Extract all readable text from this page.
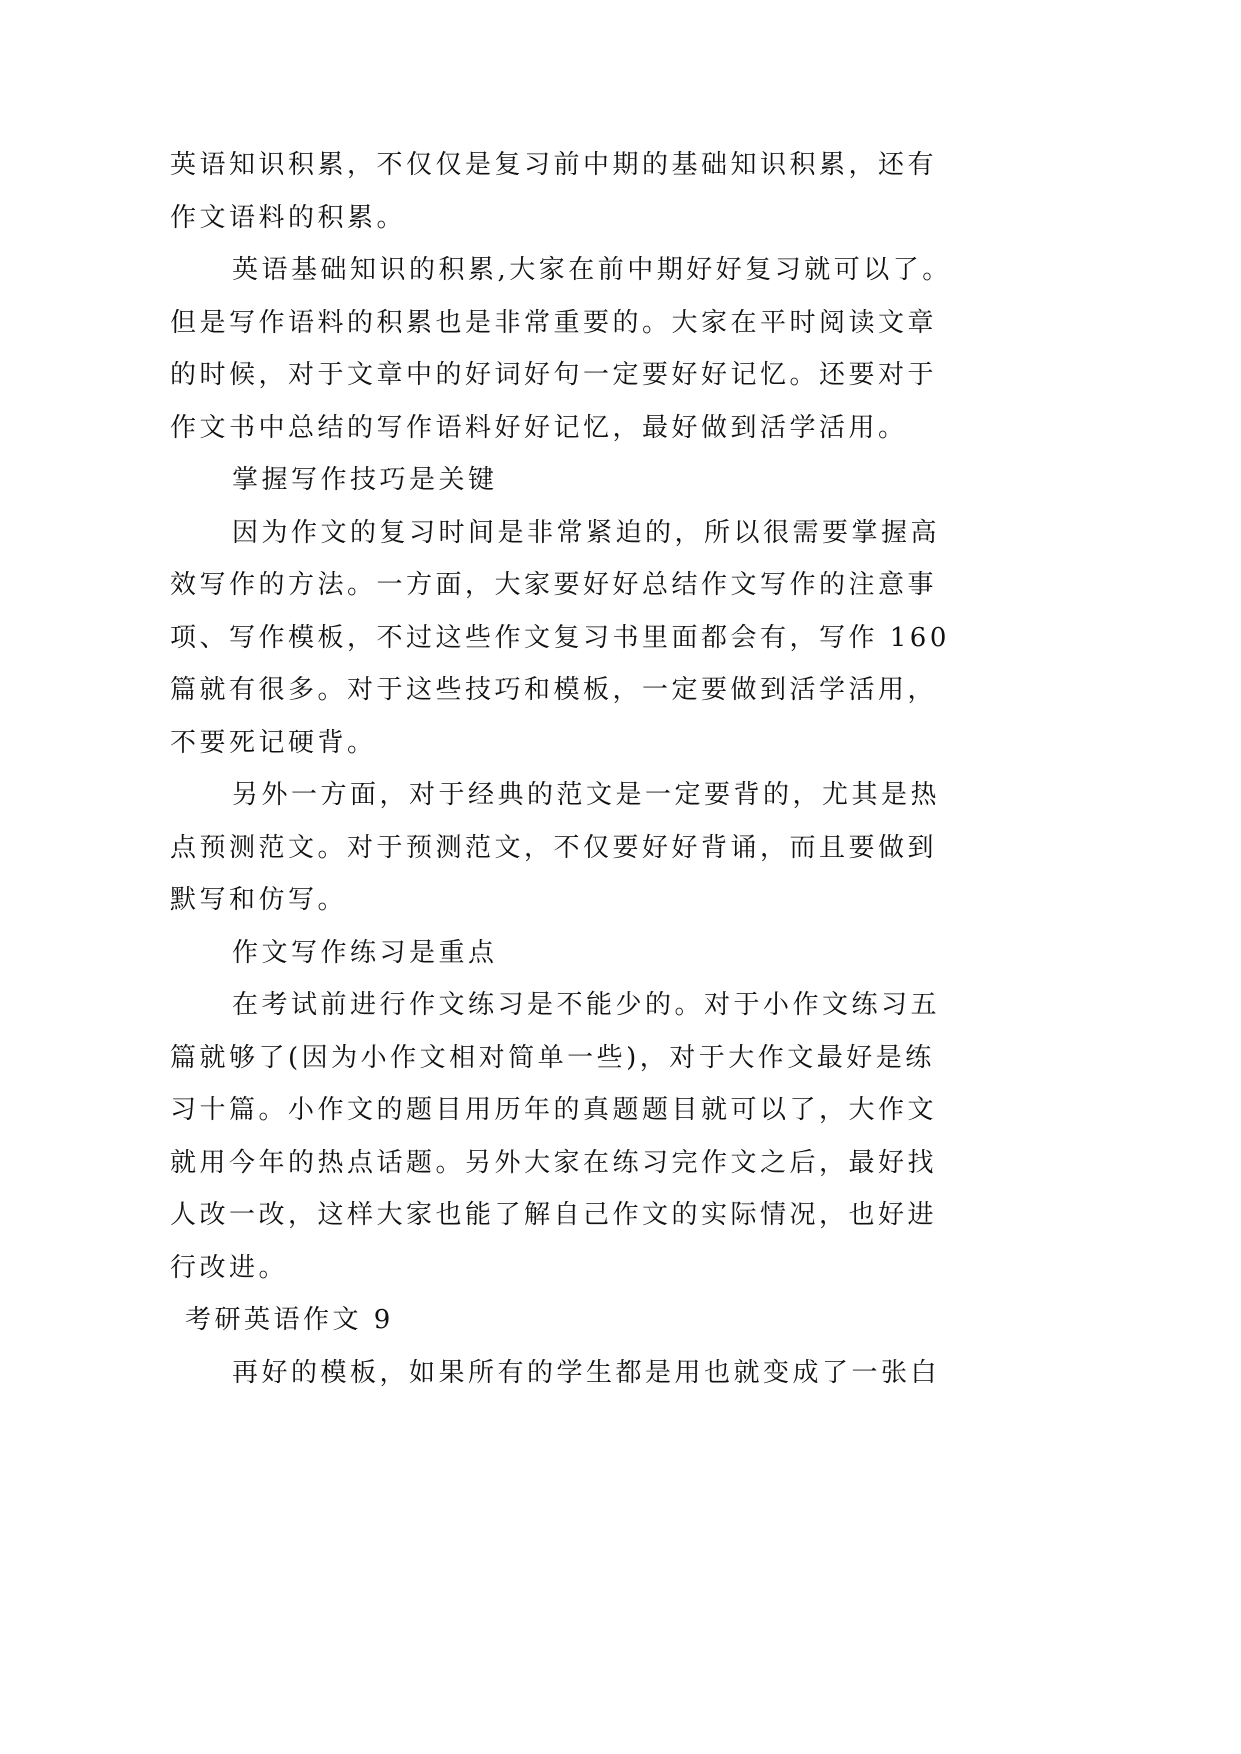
英语知识积累，不仅仅是复习前中期的基础知识积累，还有
作文语料的积累。
英语基础知识的积累,大家在前中期好好复习就可以了。
但是写作语料的积累也是非常重要的。大家在平时阅读文章
的时候，对于文章中的好词好句一定要好好记忆。还要对于
作文书中总结的写作语料好好记忆，最好做到活学活用。
掌握写作技巧是关键
因为作文的复习时间是非常紧迫的，所以很需要掌握高
效写作的方法。一方面，大家要好好总结作文写作的注意事
项、写作模板，不过这些作文复习书里面都会有，写作 160
篇就有很多。对于这些技巧和模板，一定要做到活学活用，
不要死记硬背。
另外一方面，对于经典的范文是一定要背的，尤其是热
点预测范文。对于预测范文，不仅要好好背诵，而且要做到
默写和仿写。
作文写作练习是重点
在考试前进行作文练习是不能少的。对于小作文练习五
篇就够了(因为小作文相对简单一些)，对于大作文最好是练
习十篇。小作文的题目用历年的真题题目就可以了，大作文
就用今年的热点话题。另外大家在练习完作文之后，最好找
人改一改，这样大家也能了解自己作文的实际情况，也好进
行改进。
考研英语作文 9
再好的模板，如果所有的学生都是用也就变成了一张白
